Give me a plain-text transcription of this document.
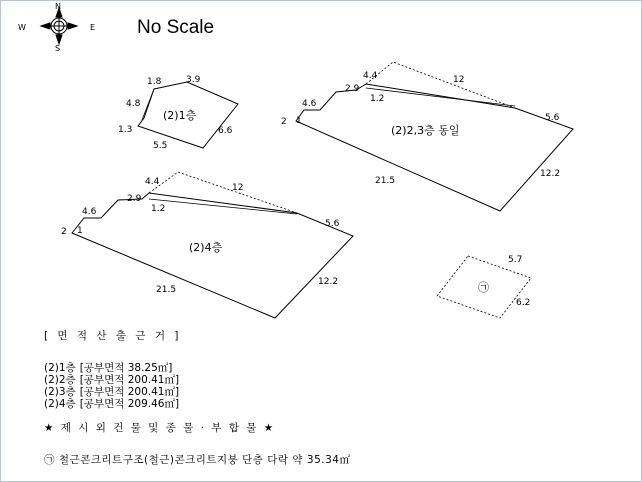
N
S
E
W	No Scale
1.8	3.9
4.8
1.3	6.6
5.5
(2)1층
4.4	12
2.9
1.2
4.6
2 1	5.6
21.5
12.2
(2)2,3층 동일
4.4
12
2.9
1.2
4.6
2 1
5.6
21.5
12.2
(2)4층
5.7
6.2
㉠
[ 면 적 산 출 근 거 ]
(2)1층 [공부면적 38.25㎡]
(2)2층 [공부면적 200.41㎡]
(2)3층 [공부면적 200.41㎡]
(2)4층 [공부면적 209.46㎡]
★ 제 시 외 건 물 및 종 물 · 부 합 물 ★
㉠ 철근콘크리트구조(철근)콘크리트지붕 단층 다락 약 35.34㎡
